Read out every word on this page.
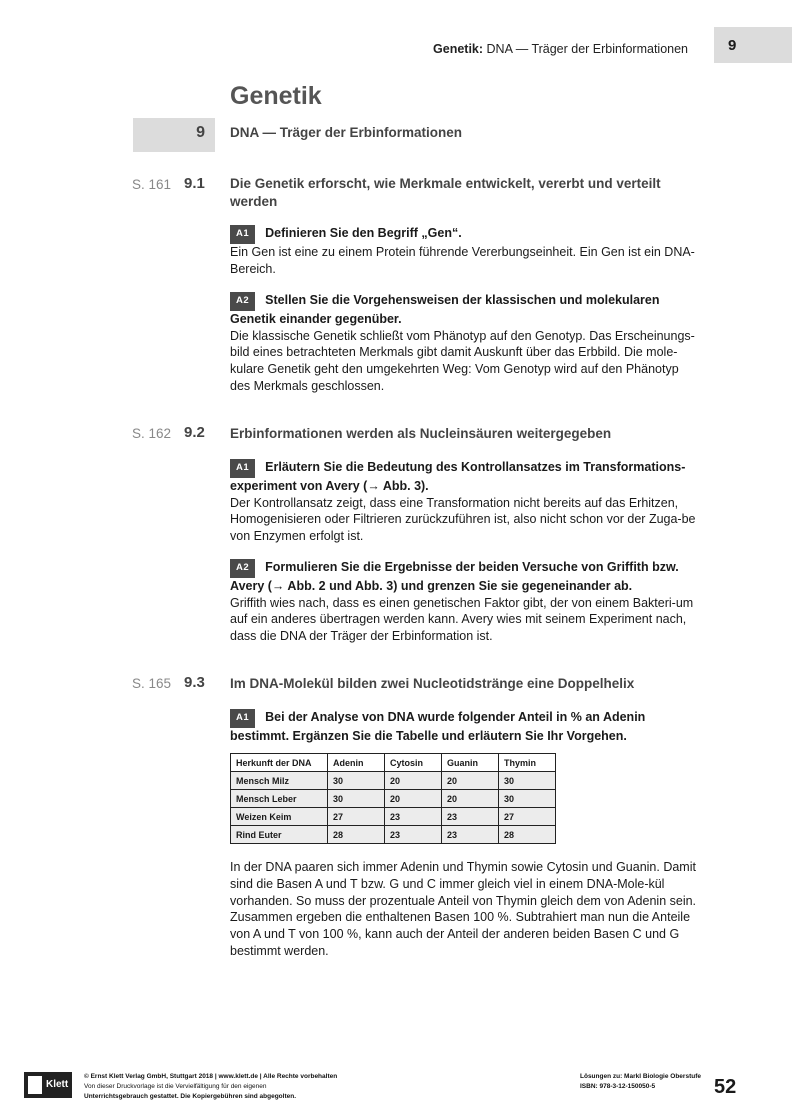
Genetik: DNA — Träger der Erbinformationen	9
Genetik
9 DNA — Träger der Erbinformationen
S. 161 9.1 Die Genetik erforscht, wie Merkmale entwickelt, vererbt und verteilt werden
A1 Definieren Sie den Begriff „Gen“.
Ein Gen ist eine zu einem Protein führende Vererbungseinheit. Ein Gen ist ein DNA-Bereich.
A2 Stellen Sie die Vorgehensweisen der klassischen und molekularen Genetik einander gegenüber.
Die klassische Genetik schließt vom Phänotyp auf den Genotyp. Das Erscheinungs-bild eines betrachteten Merkmals gibt damit Auskunft über das Erbbild. Die mole-kulare Genetik geht den umgekehrten Weg: Vom Genotyp wird auf den Phänotyp des Merkmals geschlossen.
S. 162 9.2 Erbinformationen werden als Nucleinsäuren weitergegeben
A1 Erläutern Sie die Bedeutung des Kontrollansatzes im Transformations-experiment von Avery (→ Abb. 3).
Der Kontrollansatz zeigt, dass eine Transformation nicht bereits auf das Erhitzen, Homogenisieren oder Filtrieren zurückzuführen ist, also nicht schon vor der Zuga-be von Enzymen erfolgt ist.
A2 Formulieren Sie die Ergebnisse der beiden Versuche von Griffith bzw. Avery (→ Abb. 2 und Abb. 3) und grenzen Sie sie gegeneinander ab.
Griffith wies nach, dass es einen genetischen Faktor gibt, der von einem Bakteri-um auf ein anderes übertragen werden kann. Avery wies mit seinem Experiment nach, dass die DNA der Träger der Erbinformation ist.
S. 165 9.3 Im DNA-Molekül bilden zwei Nucleotidstränge eine Doppelhelix
A1 Bei der Analyse von DNA wurde folgender Anteil in % an Adenin bestimmt. Ergänzen Sie die Tabelle und erläutern Sie Ihr Vorgehen.
Herkunft der DNA	Adenin	Cytosin	Guanin	Thymin
Mensch Milz	30	20	20	30
Mensch Leber	30	20	20	30
Weizen Keim	27	23	23	27
Rind Euter	28	23	23	28
In der DNA paaren sich immer Adenin und Thymin sowie Cytosin und Guanin. Damit sind die Basen A und T bzw. G und C immer gleich viel in einem DNA-Mole-kül vorhanden. So muss der prozentuale Anteil von Thymin gleich dem von Adenin sein. Zusammen ergeben die enthaltenen Basen 100 %. Subtrahiert man nun die Anteile von A und T von 100 %, kann auch der Anteil der anderen beiden Basen C und G bestimmt werden.
Klett
© Ernst Klett Verlag GmbH, Stuttgart 2018 | www.klett.de | Alle Rechte vorbehalten
Von dieser Druckvorlage ist die Vervielfältigung für den eigenen
Unterrichtsgebrauch gestattet. Die Kopiergebühren sind abgegolten.
Lösungen zu: Markl Biologie Oberstufe
ISBN: 978-3-12-150050-5	52
